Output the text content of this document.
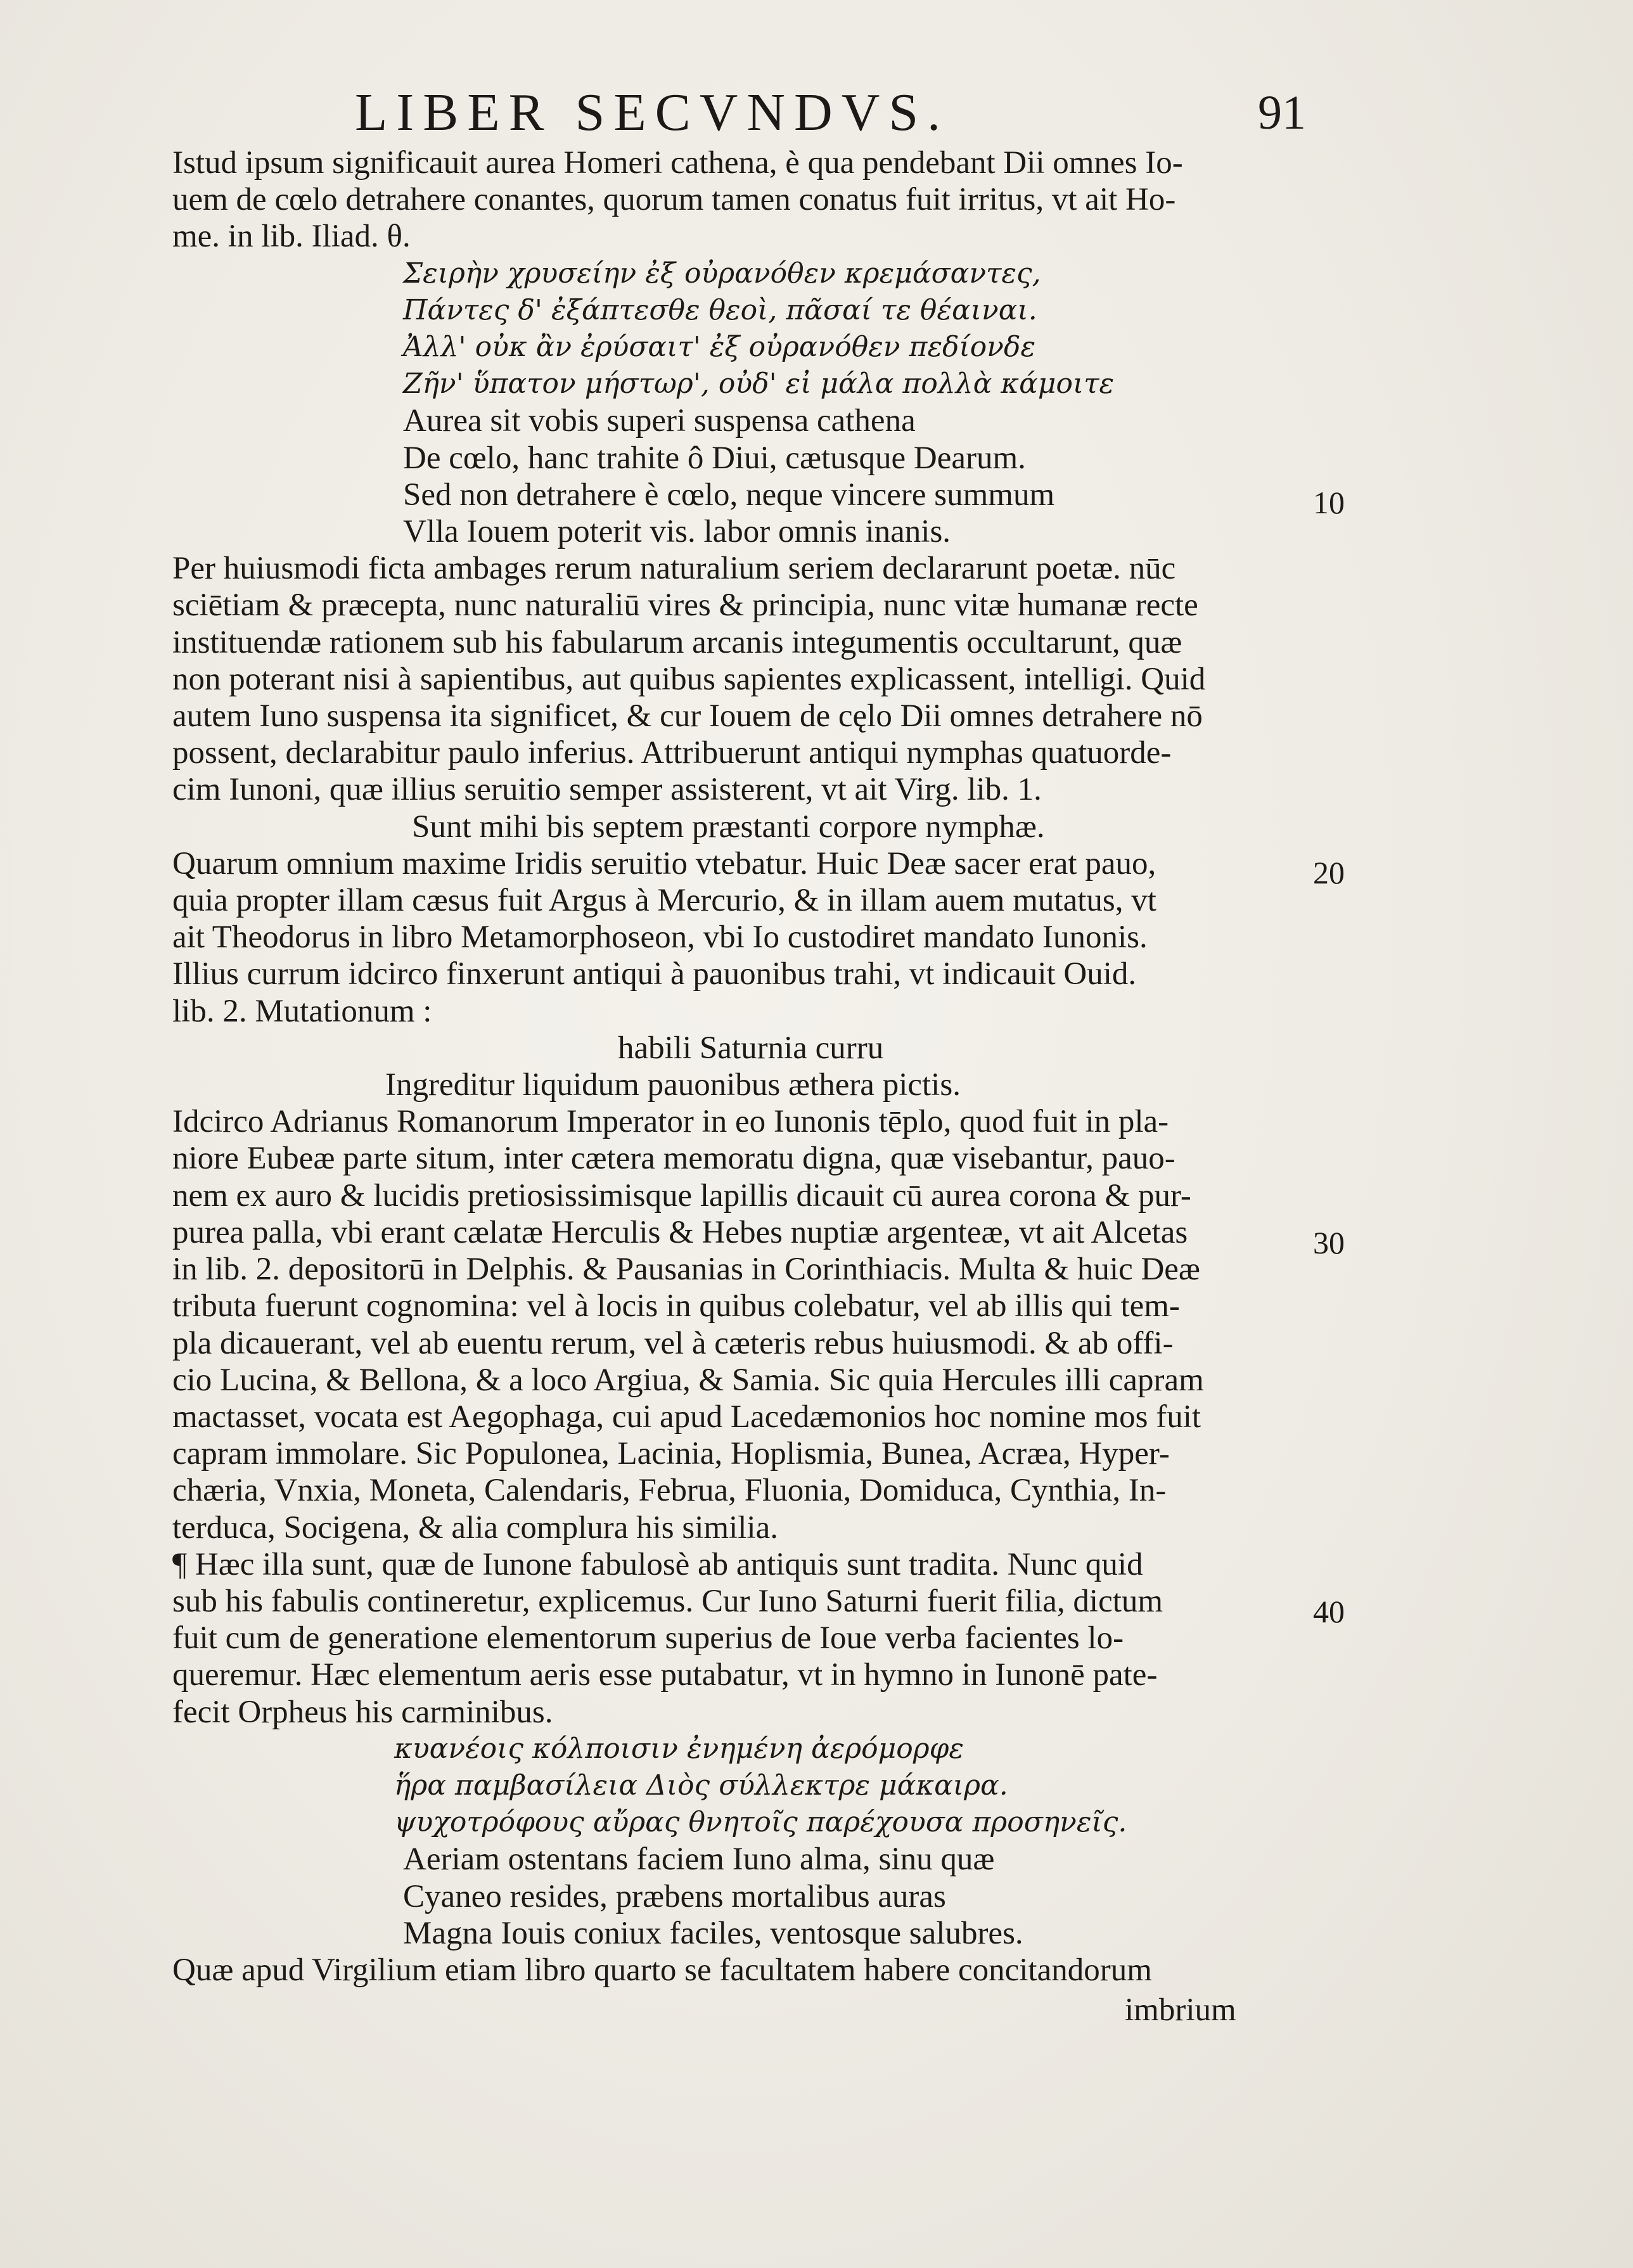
LIBER SECVNDVS.	91
10
20
30
40

Istud ipsum significauit aurea Homeri cathena, è qua pendebant Dii omnes Io-

uem de cœlo detrahere conantes, quorum tamen conatus fuit irritus, vt ait Ho-

me. in lib. Iliad. θ.

Σειρὴν χρυσείην ἐξ οὐρανόθεν κρεμάσαντες,

Πάντες δ' ἐξάπτεσθε θεοὶ, πᾶσαί τε θέαιναι.

Ἀλλ' οὐκ ἂν ἐρύσαιτ' ἐξ οὐρανόθεν πεδίονδε

Ζῆν' ὕπατον μήστωρ', οὐδ' εἰ μάλα πολλὰ κάμοιτε

Aurea sit vobis superi suspensa cathena

De cœlo, hanc trahite ô Diui, cætusque Dearum.

Sed non detrahere è cœlo, neque vincere summum

Vlla Iouem poterit vis. labor omnis inanis.

Per huiusmodi ficta ambages rerum naturalium seriem declararunt poetæ. nūc

sciētiam & præcepta, nunc naturaliū vires & principia, nunc vitæ humanæ recte

instituendæ rationem sub his fabularum arcanis integumentis occultarunt, quæ

non poterant nisi à sapientibus, aut quibus sapientes explicassent, intelligi. Quid

autem Iuno suspensa ita significet, & cur Iouem de cęlo Dii omnes detrahere nō

possent, declarabitur paulo inferius. Attribuerunt antiqui nymphas quatuorde-

cim Iunoni, quæ illius seruitio semper assisterent, vt ait Virg. lib. 1.

Sunt mihi bis septem præstanti corpore nymphæ.

Quarum omnium maxime Iridis seruitio vtebatur. Huic Deæ sacer erat pauo,

quia propter illam cæsus fuit Argus à Mercurio, & in illam auem mutatus, vt

ait Theodorus in libro Metamorphoseon, vbi Io custodiret mandato Iunonis.

Illius currum idcirco finxerunt antiqui à pauonibus trahi, vt indicauit Ouid.

lib. 2. Mutationum :

habili Saturnia curru

Ingreditur liquidum pauonibus æthera pictis.

Idcirco Adrianus Romanorum Imperator in eo Iunonis tēplo, quod fuit in pla-

niore Eubeæ parte situm, inter cætera memoratu digna, quæ visebantur, pauo-

nem ex auro & lucidis pretiosissimisque lapillis dicauit cū aurea corona & pur-

purea palla, vbi erant cælatæ Herculis & Hebes nuptiæ argenteæ, vt ait Alcetas

in lib. 2. depositorū in Delphis. & Pausanias in Corinthiacis. Multa & huic Deæ

tributa fuerunt cognomina: vel à locis in quibus colebatur, vel ab illis qui tem-

pla dicauerant, vel ab euentu rerum, vel à cæteris rebus huiusmodi. & ab offi-

cio Lucina, & Bellona, & a loco Argiua, & Samia. Sic quia Hercules illi capram

mactasset, vocata est Aegophaga, cui apud Lacedæmonios hoc nomine mos fuit

capram immolare. Sic Populonea, Lacinia, Hoplismia, Bunea, Acræa, Hyper-

chæria, Vnxia, Moneta, Calendaris, Februa, Fluonia, Domiduca, Cynthia, In-

terduca, Socigena, & alia complura his similia.

¶ Hæc illa sunt, quæ de Iunone fabulosè ab antiquis sunt tradita. Nunc quid

sub his fabulis contineretur, explicemus. Cur Iuno Saturni fuerit filia, dictum

fuit cum de generatione elementorum superius de Ioue verba facientes lo-

queremur. Hæc elementum aeris esse putabatur, vt in hymno in Iunonē pate-

fecit Orpheus his carminibus.

κυανέοις κόλποισιν ἐνημένη ἀερόμορφε

ἥρα παμβασίλεια Διὸς σύλλεκτρε μάκαιρα.

ψυχοτρόφους αὔρας θνητοῖς παρέχουσα προσηνεῖς.

Aeriam ostentans faciem Iuno alma, sinu quæ

Cyaneo resides, præbens mortalibus auras

Magna Iouis coniux faciles, ventosque salubres.

Quæ apud Virgilium etiam libro quarto se facultatem habere concitandorum

imbrium
